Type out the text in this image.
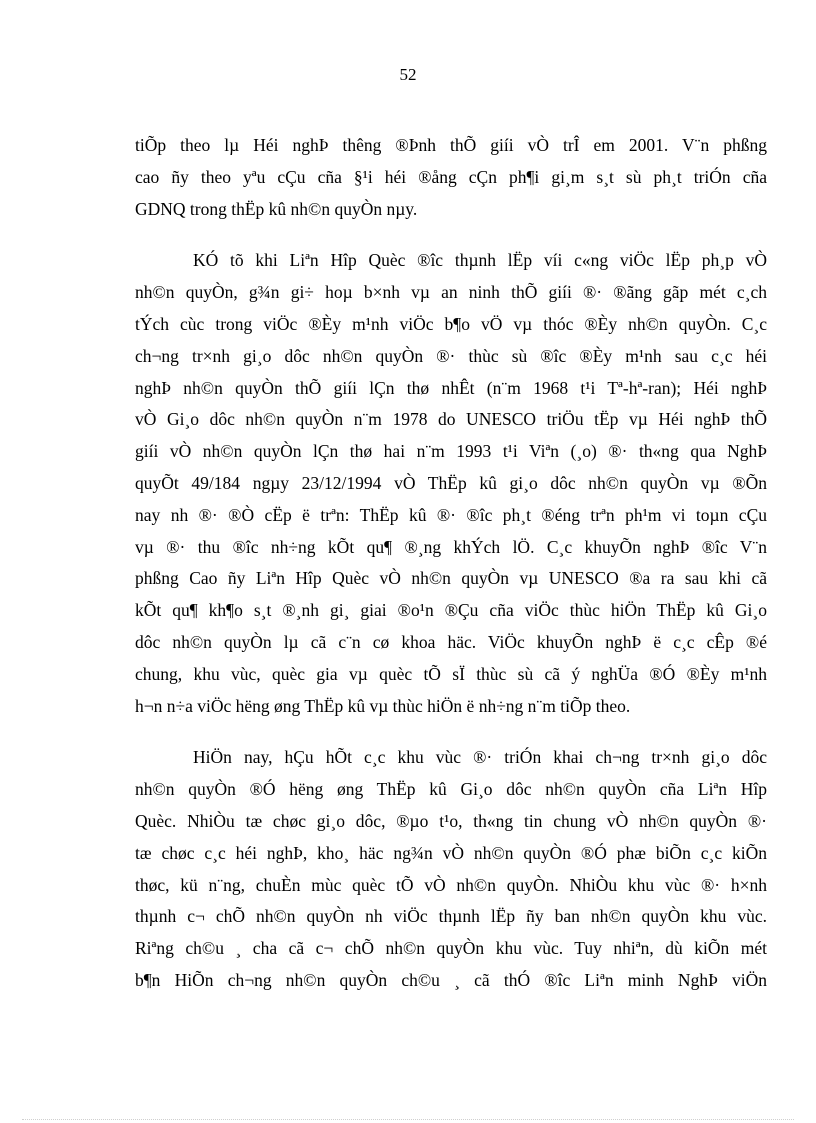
52
tiÕp theo lµ Héi nghÞ thêng ®Þnh thÕ giíi vÒ trÎ em 2001. V¨n phßng
cao ñy theo yªu cÇu cña §¹i héi ®ång cÇn ph¶i gi¸m s¸t sù ph¸t triÓn cña
GDNQ trong thËp kû nh©n quyÒn nµy.
KÓ tõ khi Liªn Hîp Quèc ®îc thµnh lËp víi c«ng viÖc lËp ph¸p vÒ
nh©n quyÒn, g¾n gi÷ hoµ b×nh vµ an ninh thÕ giíi ®· ®ãng gãp mét c¸ch
tÝch cùc trong viÖc ®Èy m¹nh viÖc b¶o vÖ vµ thóc ®Èy nh©n quyÒn. C¸c
ch¬ng tr×nh gi¸o dôc nh©n quyÒn ®· thùc sù ®îc ®Èy m¹nh sau c¸c héi
nghÞ nh©n quyÒn thÕ giíi lÇn thø nhÊt (n¨m 1968 t¹i Tª-hª-ran); Héi nghÞ
vÒ Gi¸o dôc nh©n quyÒn n¨m 1978 do UNESCO triÖu tËp vµ Héi nghÞ thÕ
giíi vÒ nh©n quyÒn lÇn thø hai n¨m 1993 t¹i Viªn (¸o) ®· th«ng qua NghÞ
quyÕt 49/184 ngµy 23/12/1994 vÒ ThËp kû gi¸o dôc nh©n quyÒn vµ ®Õn
nay nh ®· ®Ò cËp ë trªn: ThËp kû ®· ®îc ph¸t ®éng trªn ph¹m vi toµn cÇu
vµ ®· thu ®îc nh÷ng kÕt qu¶ ®¸ng khÝch lÖ. C¸c khuyÕn nghÞ ®îc V¨n
phßng Cao ñy Liªn Hîp Quèc vÒ nh©n quyÒn vµ UNESCO ®a ra sau khi cã
kÕt qu¶ kh¶o s¸t ®¸nh gi¸ giai ®o¹n ®Çu cña viÖc thùc hiÖn ThËp kû Gi¸o
dôc nh©n quyÒn lµ cã c¨n cø khoa häc. ViÖc khuyÕn nghÞ ë c¸c cÊp ®é
chung, khu vùc, quèc gia vµ quèc tÕ sÏ thùc sù cã ý nghÜa ®Ó ®Èy m¹nh
h¬n n÷a viÖc hëng øng ThËp kû vµ thùc hiÖn ë nh÷ng n¨m tiÕp theo.
HiÖn nay, hÇu hÕt c¸c khu vùc ®· triÓn khai ch¬ng tr×nh gi¸o dôc
nh©n quyÒn ®Ó hëng øng ThËp kû Gi¸o dôc nh©n quyÒn cña Liªn Hîp
Quèc. NhiÒu tæ chøc gi¸o dôc, ®µo t¹o, th«ng tin chung vÒ nh©n quyÒn ®·
tæ chøc c¸c héi nghÞ, kho¸ häc ng¾n vÒ nh©n quyÒn ®Ó phæ biÕn c¸c kiÕn
thøc, kü n¨ng, chuÈn mùc quèc tÕ vÒ nh©n quyÒn. NhiÒu khu vùc ®· h×nh
thµnh c¬ chÕ nh©n quyÒn nh viÖc thµnh lËp ñy ban nh©n quyÒn khu vùc.
Riªng ch©u ¸ cha cã c¬ chÕ nh©n quyÒn khu vùc. Tuy nhiªn, dù kiÕn mét
b¶n HiÕn ch¬ng nh©n quyÒn ch©u ¸ cã thÓ ®îc Liªn minh NghÞ viÖn
